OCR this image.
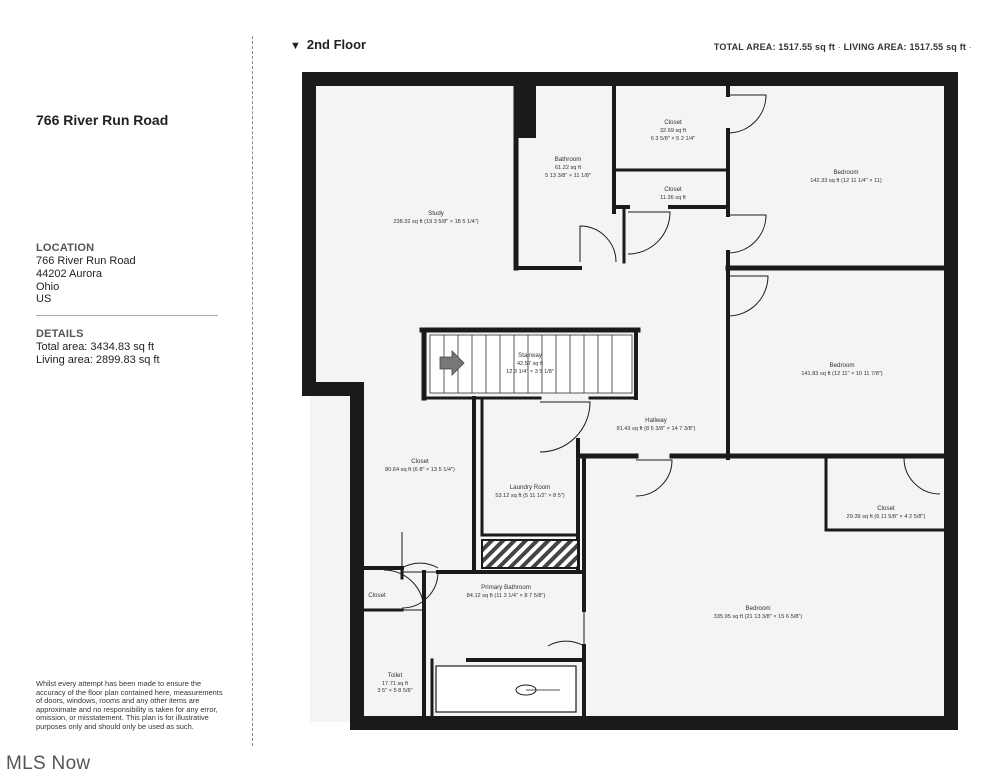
766 River Run Road
LOCATION
766 River Run Road
44202 Aurora
Ohio
US
DETAILS
Total area: 3434.83 sq ft
Living area: 2899.83 sq ft
Whilst every attempt has been made to ensure the accuracy of the floor plan contained here, measurements of doors, windows, rooms and any other items are approximate and no responsibility is taken for any error, omission, or misstatement. This plan is for illustrative purposes only and should only be used as such.
MLS Now
▼ 2nd Floor	TOTAL AREA: 1517.55 sq ft · LIVING AREA: 1517.55 sq ft ·
Study
238.32 sq ft (19 3 5/8" × 18 5 1/4")
Bathroom
61.22 sq ft
5 13 3/8" × 11 1/8"
Closet
32.69 sq ft
6 3 5/8" × 5 2 1/4"
Closet
11.36 sq ft
Bedroom
142.33 sq ft (12 11 1/4" × 11)
Stairway
42.57 sq ft
12 3 1/4" × 3 5 1/8"
Bedroom
141.83 sq ft (12 11" × 10 11 7/8")
Hallway
91.43 sq ft (8 5 3/8" × 14 7 3/8")
Closet
80.64 sq ft (6 8" × 13 5 1/4")
Laundry Room
53.12 sq ft (5 11 1/2" × 8 5")
Closet
29.39 sq ft (6 11 5/8" × 4 2 5/8")
Primary Bathroom
84.12 sq ft (11 3 1/4" × 8 7 5/8")
Closet
Bedroom
335.95 sq ft (21 13 3/8" × 15 6 5/8")
Toilet
17.71 sq ft
3 5" × 5 8 5/8"
